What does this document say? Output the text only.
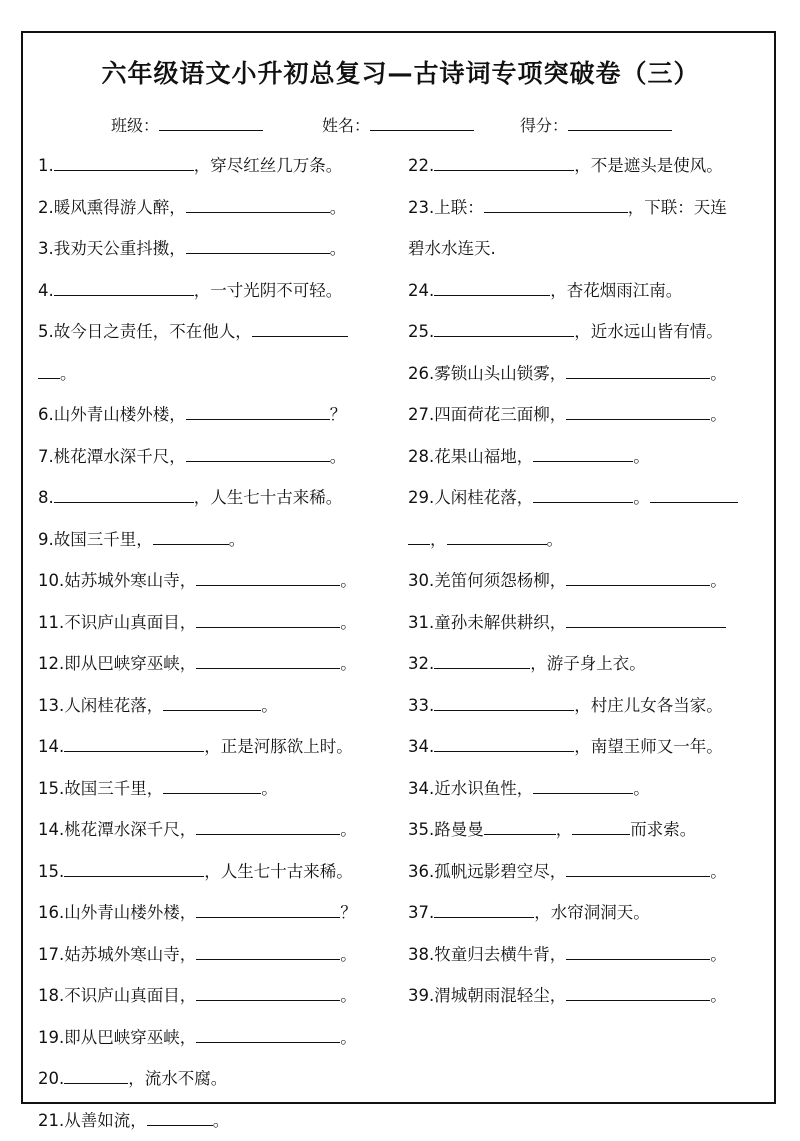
六年级语文小升初总复习—古诗词专项突破卷（三）
班级：	姓名：	得分：
1.	，穿尽红丝几万条。
2.暖风熏得游人醉，	。
3.我劝天公重抖擞，	。
4.	，一寸光阴不可轻。
5.故今日之责任，不在他人，
。
6.山外青山楼外楼，	？
7.桃花潭水深千尺，	。
8.	，人生七十古来稀。
9.故国三千里，	。
10.姑苏城外寒山寺，	。
11.不识庐山真面目，	。
12.即从巴峡穿巫峡，	。
13.人闲桂花落，	。
14.	，正是河豚欲上时。
15.故国三千里，	。
14.桃花潭水深千尺，	。
15.	，人生七十古来稀。
16.山外青山楼外楼，	？
17.姑苏城外寒山寺，	。
18.不识庐山真面目，	。
19.即从巴峡穿巫峡，	。
20.	，流水不腐。
21.从善如流，	。
22.	，不是遮头是使风。
23.上联：	，下联：天连
碧水水连天.
24.	，杏花烟雨江南。
25.	，近水远山皆有情。
26.雾锁山头山锁雾，	。
27.四面荷花三面柳，	。
28.花果山福地，	。
29.人闲桂花落，	。
，	。
30.羌笛何须怨杨柳，	。
31.童孙未解供耕织，
32.	，游子身上衣。
33.	，村庄儿女各当家。
34.	，南望王师又一年。
34.近水识鱼性，	。
35.路曼曼	，	而求索。
36.孤帆远影碧空尽，	。
37.	，水帘洞洞天。
38.牧童归去横牛背，	。
39.渭城朝雨混轻尘，	。
